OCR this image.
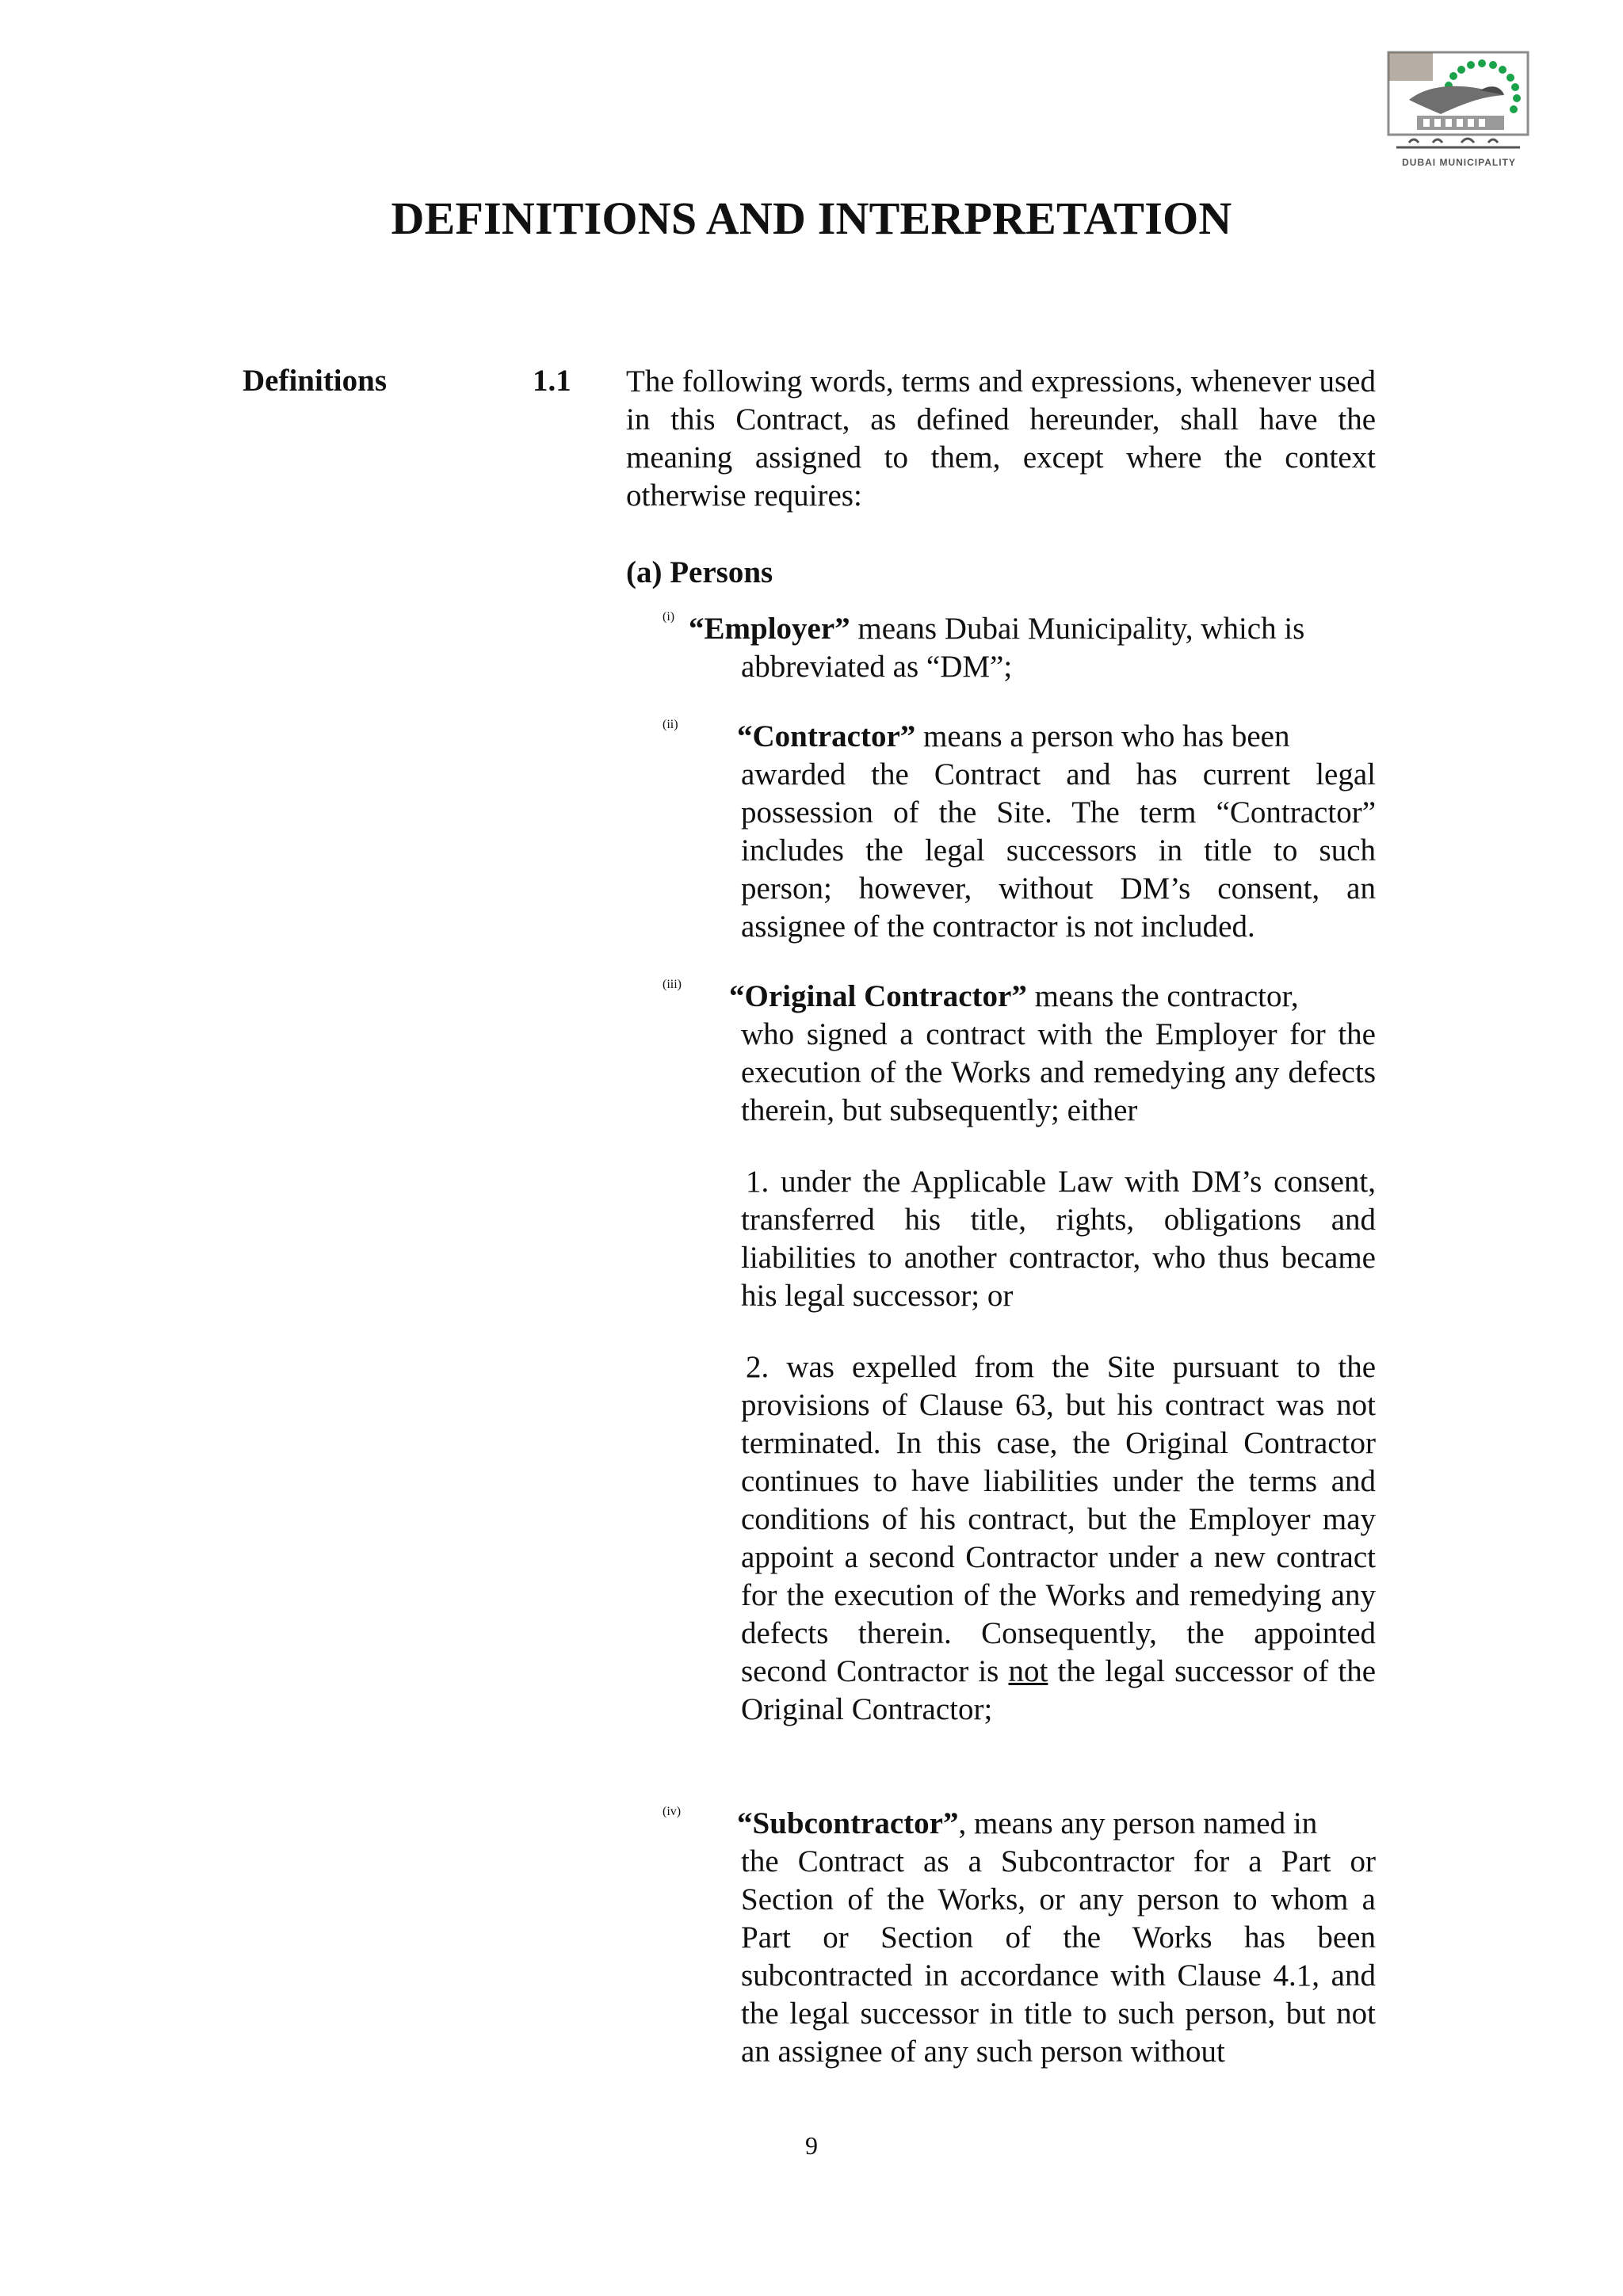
DUBAI MUNICIPALITY
DEFINITIONS AND INTERPRETATION

Definitions	1.1 The following words, terms and expressions, whenever used in this Contract, as defined hereunder, shall have the meaning assigned to them, except where the context otherwise requires:

(a) Persons

(i) “Employer” means Dubai Municipality, which is

abbreviated as “DM”;

(ii) “Contractor” means a person who has been

awarded the Contract and has current legal possession of the Site. The term “Contractor” includes the legal successors in title to such person; however, without DM’s consent, an assignee of the contractor is not included.

(iii) “Original Contractor” means the contractor,

who signed a contract with the Employer for the execution of the Works and remedying any defects therein, but subsequently; either

1. under the Applicable Law with DM’s consent, transferred his title, rights, obligations and liabilities to another contractor, who thus became his legal successor; or

2. was expelled from the Site pursuant to the provisions of Clause 63, but his contract was not terminated. In this case, the Original Contractor continues to have liabilities under the terms and conditions of his contract, but the Employer may appoint a second Contractor under a new contract for the execution of the Works and remedying any defects therein. Consequently, the appointed second Contractor is not the legal successor of the Original Contractor;

(iv) “Subcontractor”, means any person named in

the Contract as a Subcontractor for a Part or Section of the Works, or any person to whom a Part or Section of the Works has been subcontracted in accordance with Clause 4.1, and the legal successor in title to such person, but not an assignee of any such person without

9
